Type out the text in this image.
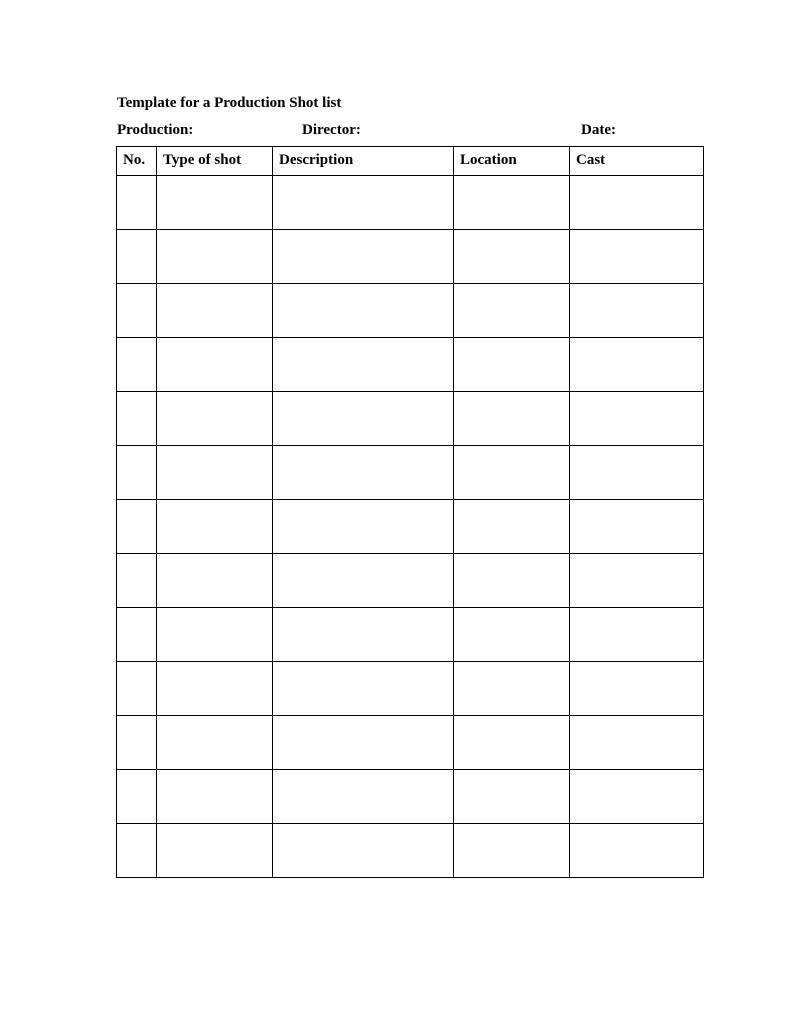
Template for a Production Shot list
Production:	Director:	Date:
No.	Type of shot	Description	Location	Cast
